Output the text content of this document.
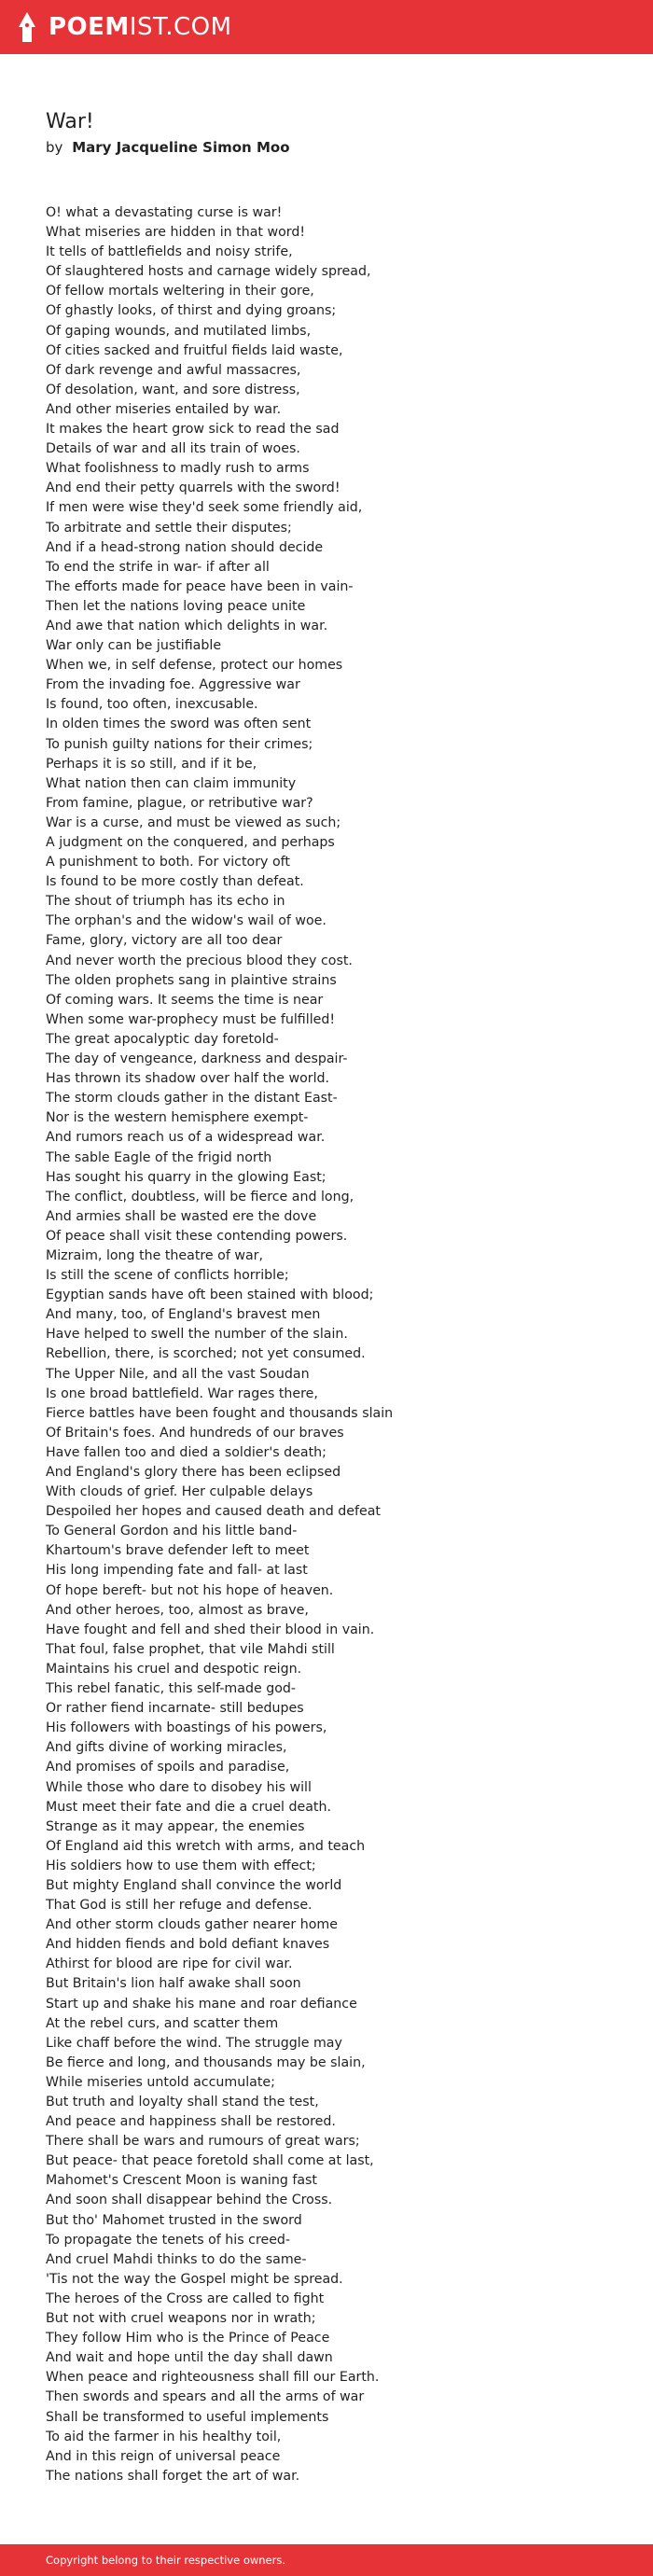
POEMIST.COM
War!
by Mary Jacqueline Simon Moo
O! what a devastating curse is war!
What miseries are hidden in that word!
It tells of battlefields and noisy strife,
Of slaughtered hosts and carnage widely spread,
Of fellow mortals weltering in their gore,
Of ghastly looks, of thirst and dying groans;
Of gaping wounds, and mutilated limbs,
Of cities sacked and fruitful fields laid waste,
Of dark revenge and awful massacres,
Of desolation, want, and sore distress,
And other miseries entailed by war.
It makes the heart grow sick to read the sad
Details of war and all its train of woes.
What foolishness to madly rush to arms
And end their petty quarrels with the sword!
If men were wise they'd seek some friendly aid,
To arbitrate and settle their disputes;
And if a head-strong nation should decide
To end the strife in war- if after all
The efforts made for peace have been in vain-
Then let the nations loving peace unite
And awe that nation which delights in war.
War only can be justifiable
When we, in self defense, protect our homes
From the invading foe. Aggressive war
Is found, too often, inexcusable.
In olden times the sword was often sent
To punish guilty nations for their crimes;
Perhaps it is so still, and if it be,
What nation then can claim immunity
From famine, plague, or retributive war?
War is a curse, and must be viewed as such;
A judgment on the conquered, and perhaps
A punishment to both. For victory oft
Is found to be more costly than defeat.
The shout of triumph has its echo in
The orphan's and the widow's wail of woe.
Fame, glory, victory are all too dear
And never worth the precious blood they cost.
The olden prophets sang in plaintive strains
Of coming wars. It seems the time is near
When some war-prophecy must be fulfilled!
The great apocalyptic day foretold-
The day of vengeance, darkness and despair-
Has thrown its shadow over half the world.
The storm clouds gather in the distant East-
Nor is the western hemisphere exempt-
And rumors reach us of a widespread war.
The sable Eagle of the frigid north
Has sought his quarry in the glowing East;
The conflict, doubtless, will be fierce and long,
And armies shall be wasted ere the dove
Of peace shall visit these contending powers.
Mizraim, long the theatre of war,
Is still the scene of conflicts horrible;
Egyptian sands have oft been stained with blood;
And many, too, of England's bravest men
Have helped to swell the number of the slain.
Rebellion, there, is scorched; not yet consumed.
The Upper Nile, and all the vast Soudan
Is one broad battlefield. War rages there,
Fierce battles have been fought and thousands slain
Of Britain's foes. And hundreds of our braves
Have fallen too and died a soldier's death;
And England's glory there has been eclipsed
With clouds of grief. Her culpable delays
Despoiled her hopes and caused death and defeat
To General Gordon and his little band-
Khartoum's brave defender left to meet
His long impending fate and fall- at last
Of hope bereft- but not his hope of heaven.
And other heroes, too, almost as brave,
Have fought and fell and shed their blood in vain.
That foul, false prophet, that vile Mahdi still
Maintains his cruel and despotic reign.
This rebel fanatic, this self-made god-
Or rather fiend incarnate- still bedupes
His followers with boastings of his powers,
And gifts divine of working miracles,
And promises of spoils and paradise,
While those who dare to disobey his will
Must meet their fate and die a cruel death.
Strange as it may appear, the enemies
Of England aid this wretch with arms, and teach
His soldiers how to use them with effect;
But mighty England shall convince the world
That God is still her refuge and defense.
And other storm clouds gather nearer home
And hidden fiends and bold defiant knaves
Athirst for blood are ripe for civil war.
But Britain's lion half awake shall soon
Start up and shake his mane and roar defiance
At the rebel curs, and scatter them
Like chaff before the wind. The struggle may
Be fierce and long, and thousands may be slain,
While miseries untold accumulate;
But truth and loyalty shall stand the test,
And peace and happiness shall be restored.
There shall be wars and rumours of great wars;
But peace- that peace foretold shall come at last,
Mahomet's Crescent Moon is waning fast
And soon shall disappear behind the Cross.
But tho' Mahomet trusted in the sword
To propagate the tenets of his creed-
And cruel Mahdi thinks to do the same-
'Tis not the way the Gospel might be spread.
The heroes of the Cross are called to fight
But not with cruel weapons nor in wrath;
They follow Him who is the Prince of Peace
And wait and hope until the day shall dawn
When peace and righteousness shall fill our Earth.
Then swords and spears and all the arms of war
Shall be transformed to useful implements
To aid the farmer in his healthy toil,
And in this reign of universal peace
The nations shall forget the art of war.
Copyright belong to their respective owners.
